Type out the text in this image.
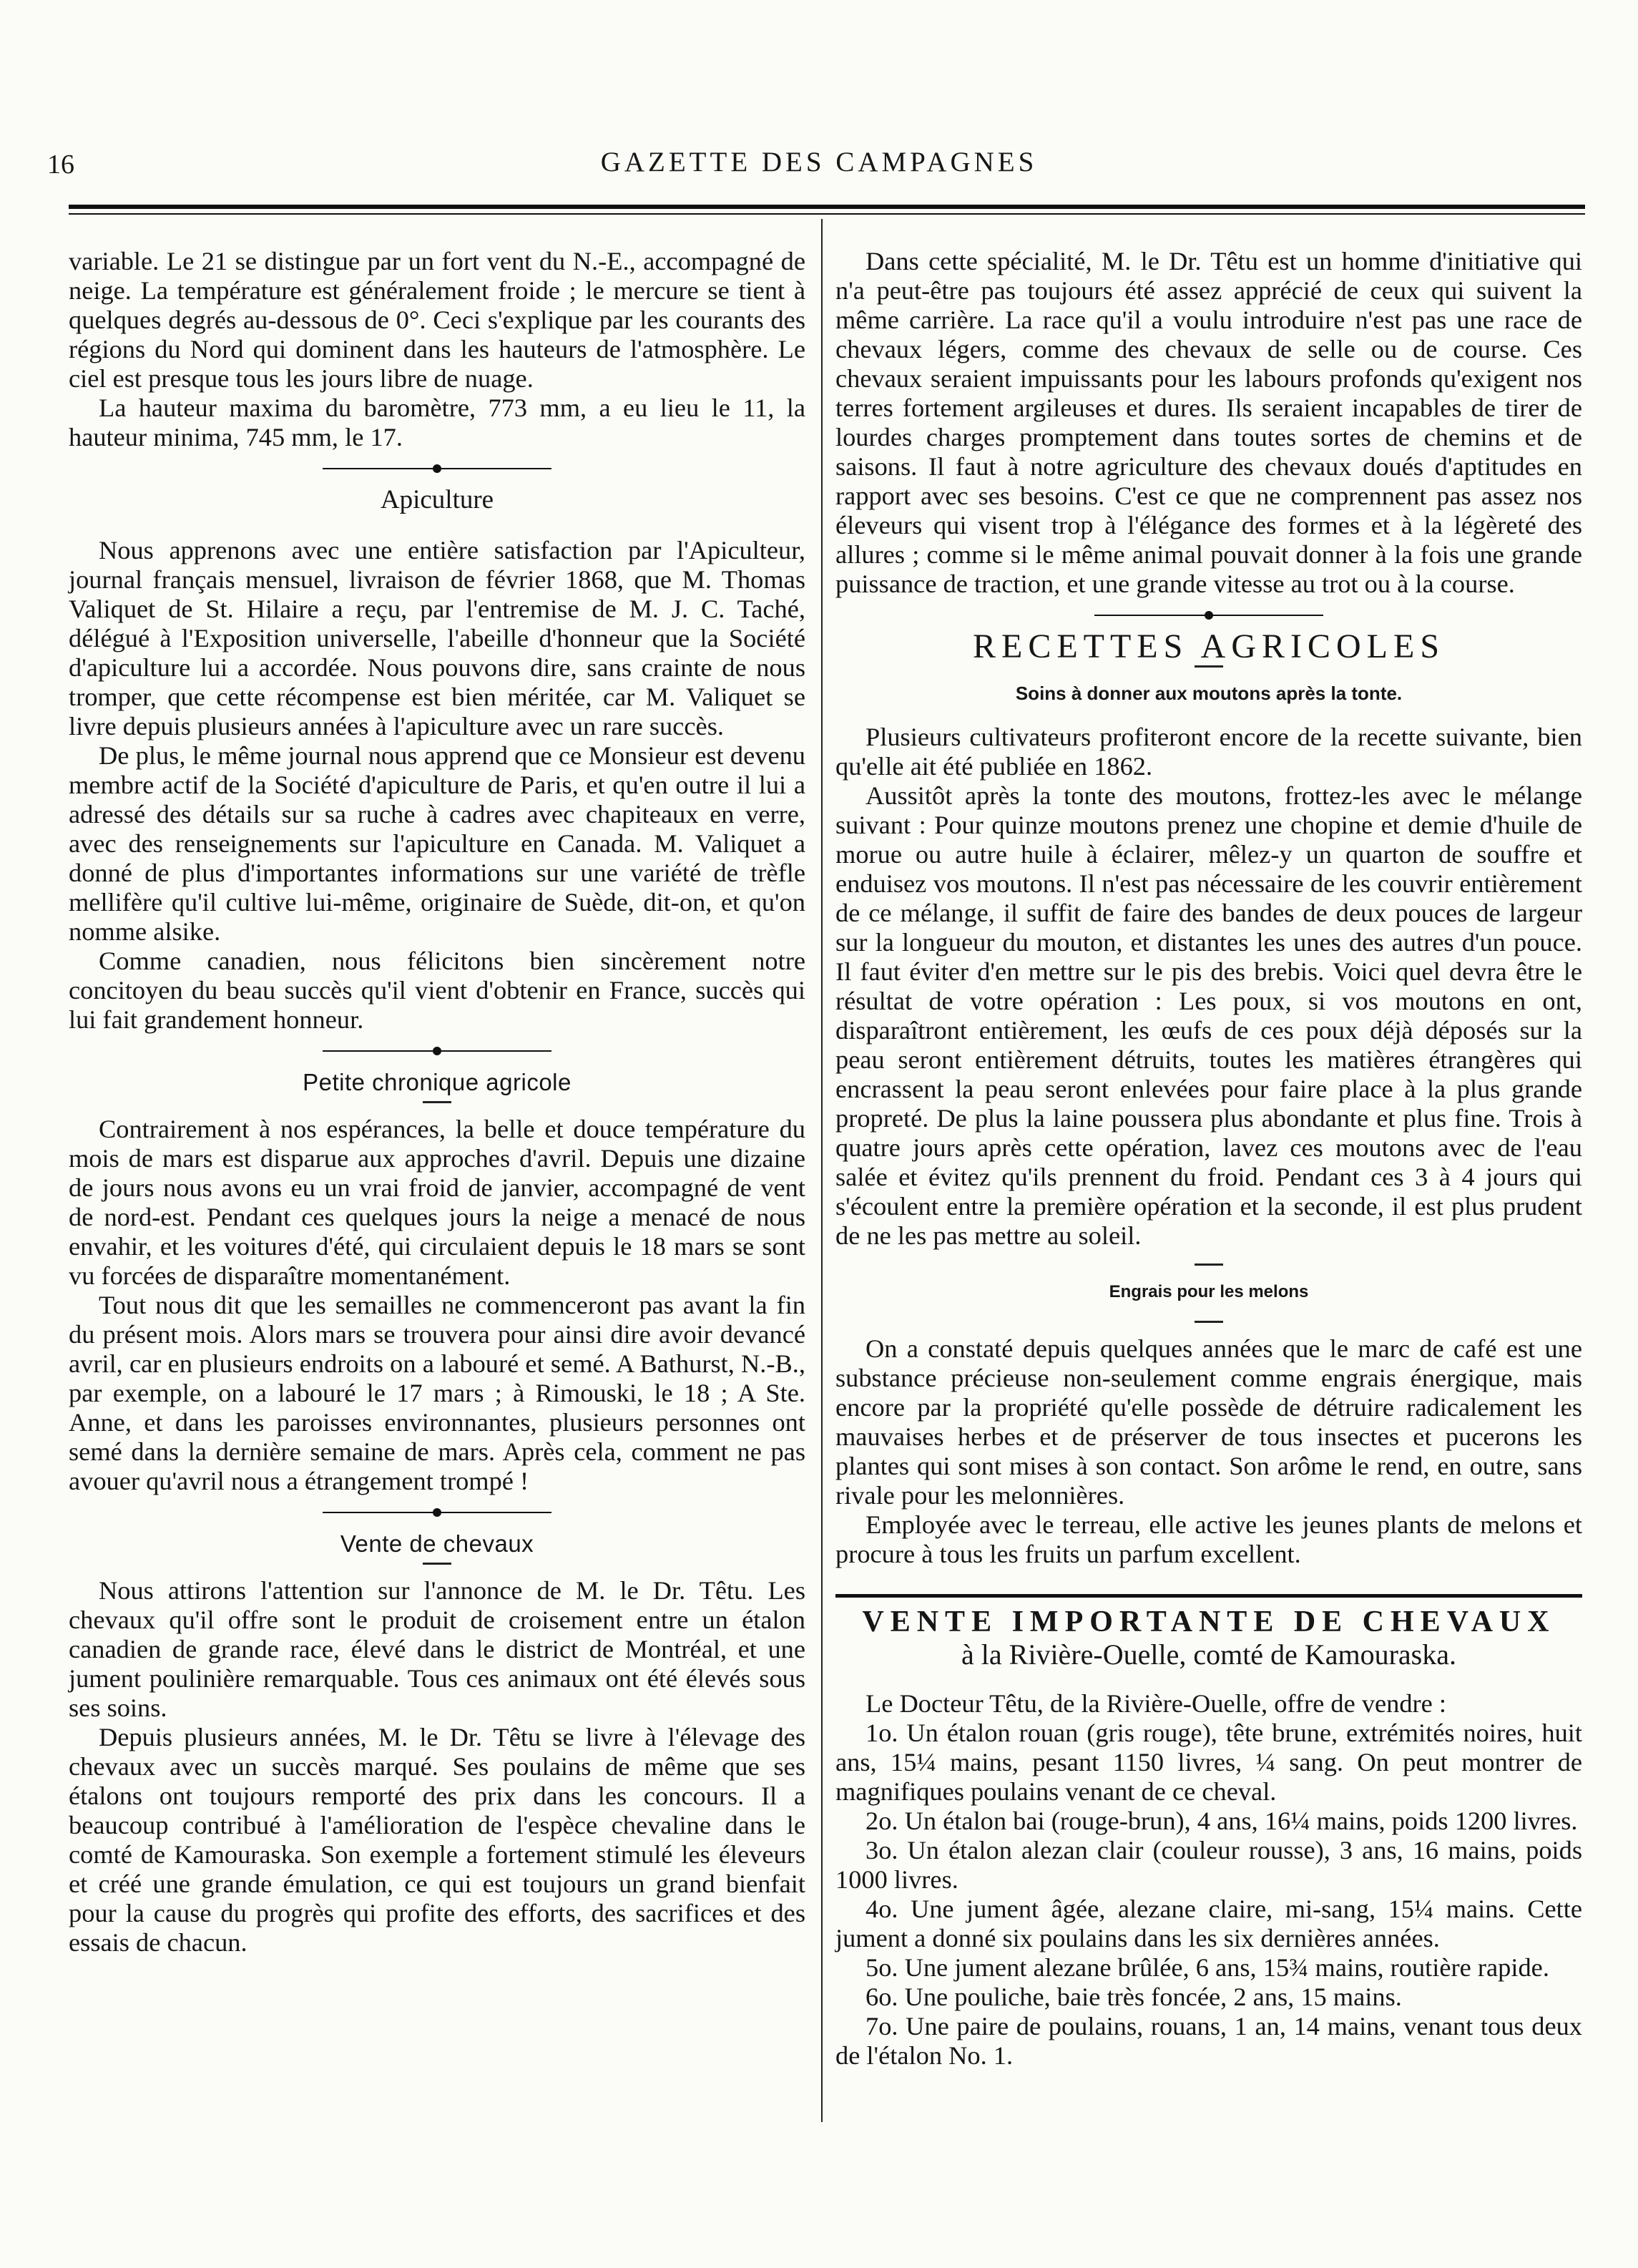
16	GAZETTE DES CAMPAGNES

variable. Le 21 se distingue par un fort vent du N.-E., accompagné de neige. La température est généralement froide ; le mercure se tient à quelques degrés au-dessous de 0°. Ceci s'explique par les courants des régions du Nord qui dominent dans les hauteurs de l'atmosphère. Le ciel est presque tous les jours libre de nuage.

La hauteur maxima du baromètre, 773 mm, a eu lieu le 11, la hauteur minima, 745 mm, le 17.

Apiculture

Nous apprenons avec une entière satisfaction par l'Apiculteur, journal français mensuel, livraison de février 1868, que M. Thomas Valiquet de St. Hilaire a reçu, par l'entremise de M. J. C. Taché, délégué à l'Exposition universelle, l'abeille d'honneur que la Société d'apiculture lui a accordée. Nous pouvons dire, sans crainte de nous tromper, que cette récompense est bien méritée, car M. Valiquet se livre depuis plusieurs années à l'apiculture avec un rare succès.

De plus, le même journal nous apprend que ce Monsieur est devenu membre actif de la Société d'apiculture de Paris, et qu'en outre il lui a adressé des détails sur sa ruche à cadres avec chapiteaux en verre, avec des renseignements sur l'apiculture en Canada. M. Valiquet a donné de plus d'importantes informations sur une variété de trèfle mellifère qu'il cultive lui-même, originaire de Suède, dit-on, et qu'on nomme alsike.

Comme canadien, nous félicitons bien sincèrement notre concitoyen du beau succès qu'il vient d'obtenir en France, succès qui lui fait grandement honneur.

Petite chronique agricole

Contrairement à nos espérances, la belle et douce température du mois de mars est disparue aux approches d'avril. Depuis une dizaine de jours nous avons eu un vrai froid de janvier, accompagné de vent de nord-est. Pendant ces quelques jours la neige a menacé de nous envahir, et les voitures d'été, qui circulaient depuis le 18 mars se sont vu forcées de disparaître momentanément.

Tout nous dit que les semailles ne commenceront pas avant la fin du présent mois. Alors mars se trouvera pour ainsi dire avoir devancé avril, car en plusieurs endroits on a labouré et semé. A Bathurst, N.-B., par exemple, on a labouré le 17 mars ; à Rimouski, le 18 ; A Ste. Anne, et dans les paroisses environnantes, plusieurs personnes ont semé dans la dernière semaine de mars. Après cela, comment ne pas avouer qu'avril nous a étrangement trompé !

Vente de chevaux

Nous attirons l'attention sur l'annonce de M. le Dr. Têtu. Les chevaux qu'il offre sont le produit de croisement entre un étalon canadien de grande race, élevé dans le district de Montréal, et une jument poulinière remarquable. Tous ces animaux ont été élevés sous ses soins.

Depuis plusieurs années, M. le Dr. Têtu se livre à l'élevage des chevaux avec un succès marqué. Ses poulains de même que ses étalons ont toujours remporté des prix dans les concours. Il a beaucoup contribué à l'amélioration de l'espèce chevaline dans le comté de Kamouraska. Son exemple a fortement stimulé les éleveurs et créé une grande émulation, ce qui est toujours un grand bienfait pour la cause du progrès qui profite des efforts, des sacrifices et des essais de chacun.

Dans cette spécialité, M. le Dr. Têtu est un homme d'initiative qui n'a peut-être pas toujours été assez apprécié de ceux qui suivent la même carrière. La race qu'il a voulu introduire n'est pas une race de chevaux légers, comme des chevaux de selle ou de course. Ces chevaux seraient impuissants pour les labours profonds qu'exigent nos terres fortement argileuses et dures. Ils seraient incapables de tirer de lourdes charges promptement dans toutes sortes de chemins et de saisons. Il faut à notre agriculture des chevaux doués d'aptitudes en rapport avec ses besoins. C'est ce que ne comprennent pas assez nos éleveurs qui visent trop à l'élégance des formes et à la légèreté des allures ; comme si le même animal pouvait donner à la fois une grande puissance de traction, et une grande vitesse au trot ou à la course.

RECETTES AGRICOLES
Soins à donner aux moutons après la tonte.

Plusieurs cultivateurs profiteront encore de la recette suivante, bien qu'elle ait été publiée en 1862.

Aussitôt après la tonte des moutons, frottez-les avec le mélange suivant : Pour quinze moutons prenez une chopine et demie d'huile de morue ou autre huile à éclairer, mêlez-y un quarton de souffre et enduisez vos moutons. Il n'est pas nécessaire de les couvrir entièrement de ce mélange, il suffit de faire des bandes de deux pouces de largeur sur la longueur du mouton, et distantes les unes des autres d'un pouce. Il faut éviter d'en mettre sur le pis des brebis. Voici quel devra être le résultat de votre opération : Les poux, si vos moutons en ont, disparaîtront entièrement, les œufs de ces poux déjà déposés sur la peau seront entièrement détruits, toutes les matières étrangères qui encrassent la peau seront enlevées pour faire place à la plus grande propreté. De plus la laine poussera plus abondante et plus fine. Trois à quatre jours après cette opération, lavez ces moutons avec de l'eau salée et évitez qu'ils prennent du froid. Pendant ces 3 à 4 jours qui s'écoulent entre la première opération et la seconde, il est plus prudent de ne les pas mettre au soleil.

Engrais pour les melons

On a constaté depuis quelques années que le marc de café est une substance précieuse non-seulement comme engrais énergique, mais encore par la propriété qu'elle possède de détruire radicalement les mauvaises herbes et de préserver de tous insectes et pucerons les plantes qui sont mises à son contact. Son arôme le rend, en outre, sans rivale pour les melonnières.

Employée avec le terreau, elle active les jeunes plants de melons et procure à tous les fruits un parfum excellent.

VENTE IMPORTANTE DE CHEVAUX
à la Rivière-Ouelle, comté de Kamouraska.

Le Docteur Têtu, de la Rivière-Ouelle, offre de vendre :

1o. Un étalon rouan (gris rouge), tête brune, extrémités noires, huit ans, 15¼ mains, pesant 1150 livres, ¼ sang. On peut montrer de magnifiques poulains venant de ce cheval.

2o. Un étalon bai (rouge-brun), 4 ans, 16¼ mains, poids 1200 livres.

3o. Un étalon alezan clair (couleur rousse), 3 ans, 16 mains, poids 1000 livres.

4o. Une jument âgée, alezane claire, mi-sang, 15¼ mains. Cette jument a donné six poulains dans les six dernières années.

5o. Une jument alezane brûlée, 6 ans, 15¾ mains, routière rapide.

6o. Une pouliche, baie très foncée, 2 ans, 15 mains.

7o. Une paire de poulains, rouans, 1 an, 14 mains, venant tous deux de l'étalon No. 1.
